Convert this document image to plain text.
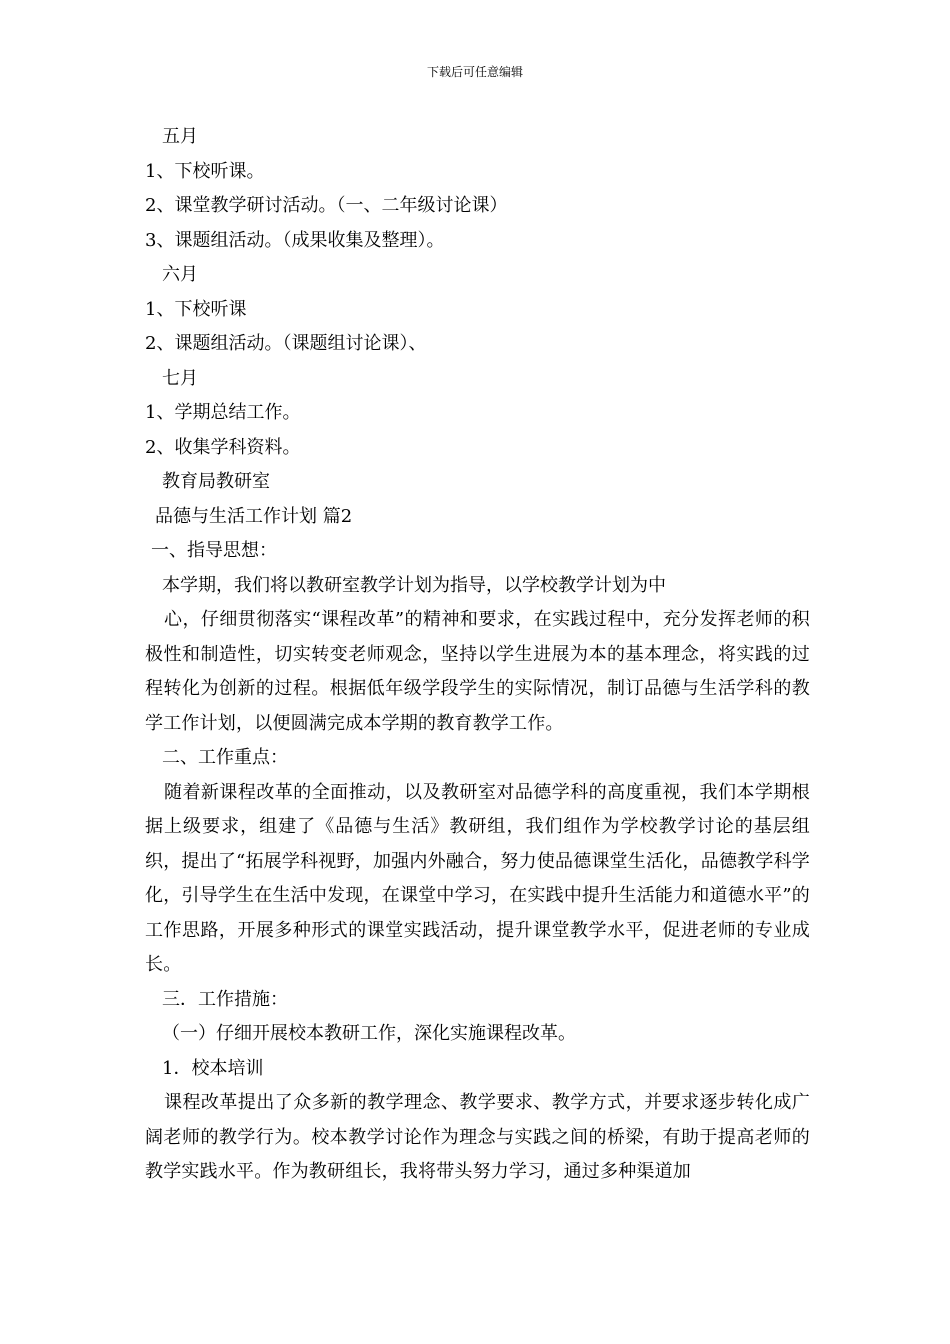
下载后可任意编辑
五月
1、下校听课。
2、课堂教学研讨活动。（一、二年级讨论课）
3、课题组活动。（成果收集及整理）。
六月
1、下校听课
2、课题组活动。（课题组讨论课）、
七月
1、学期总结工作。
2、收集学科资料。
教育局教研室
品德与生活工作计划 篇2
一、指导思想：
本学期，我们将以教研室教学计划为指导，以学校教学计划为中

心，仔细贯彻落实“课程改革”的精神和要求，在实践过程中，充分发挥老师的积极性和制造性，切实转变老师观念，坚持以学生进展为本的基本理念，将实践的过程转化为创新的过程。根据低年级学段学生的实际情况，制订品德与生活学科的教学工作计划，以便圆满完成本学期的教育教学工作。

二、工作重点：

随着新课程改革的全面推动，以及教研室对品德学科的高度重视，我们本学期根据上级要求，组建了《品德与生活》教研组，我们组作为学校教学讨论的基层组织，提出了“拓展学科视野，加强内外融合，努力使品德课堂生活化，品德教学科学化，引导学生在生活中发现，在课堂中学习，在实践中提升生活能力和道德水平”的工作思路，开展多种形式的课堂实践活动，提升课堂教学水平，促进老师的专业成长。

三．工作措施：
（一）仔细开展校本教研工作，深化实施课程改革。
1．校本培训

课程改革提出了众多新的教学理念、教学要求、教学方式，并要求逐步转化成广阔老师的教学行为。校本教学讨论作为理念与实践之间的桥梁，有助于提高老师的教学实践水平。作为教研组长，我将带头努力学习，通过多种渠道加
